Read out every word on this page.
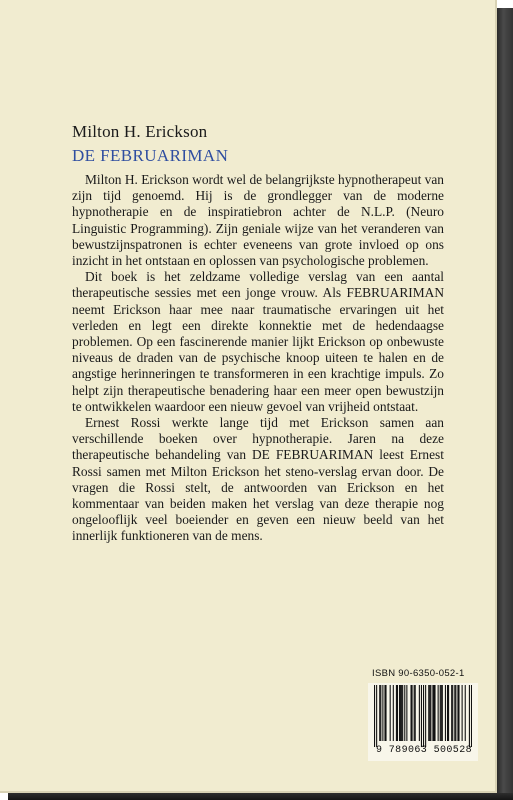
Milton H. Erickson
DE FEBRUARIMAN

Milton H. Erickson wordt wel de belangrijkste hypnotherapeut van zijn tijd genoemd. Hij is de grondlegger van de moderne hypnotherapie en de inspiratiebron achter de N.L.P. (Neuro Linguistic Programming). Zijn geniale wijze van het veranderen van bewustzijnspatronen is echter eveneens van grote invloed op ons inzicht in het ontstaan en oplossen van psychologische problemen.

Dit boek is het zeldzame volledige verslag van een aantal therapeutische sessies met een jonge vrouw. Als FEBRUARIMAN neemt Erickson haar mee naar traumatische ervaringen uit het verleden en legt een direkte konnektie met de hedendaagse problemen. Op een fascinerende manier lijkt Erickson op onbewuste niveaus de draden van de psychische knoop uiteen te halen en de angstige herinneringen te transformeren in een krachtige impuls. Zo helpt zijn therapeutische benadering haar een meer open bewustzijn te ontwikkelen waardoor een nieuw gevoel van vrijheid ontstaat.

Ernest Rossi werkte lange tijd met Erickson samen aan verschillende boeken over hypnotherapie. Jaren na deze therapeutische behandeling van DE FEBRUARIMAN leest Ernest Rossi samen met Milton Erickson het steno-verslag ervan door. De vragen die Rossi stelt, de antwoorden van Erickson en het kommentaar van beiden maken het verslag van deze therapie nog ongelooflijk veel boeiender en geven een nieuw beeld van het innerlijk funktioneren van de mens.

ISBN 90-6350-052-1
9 789063 500528
